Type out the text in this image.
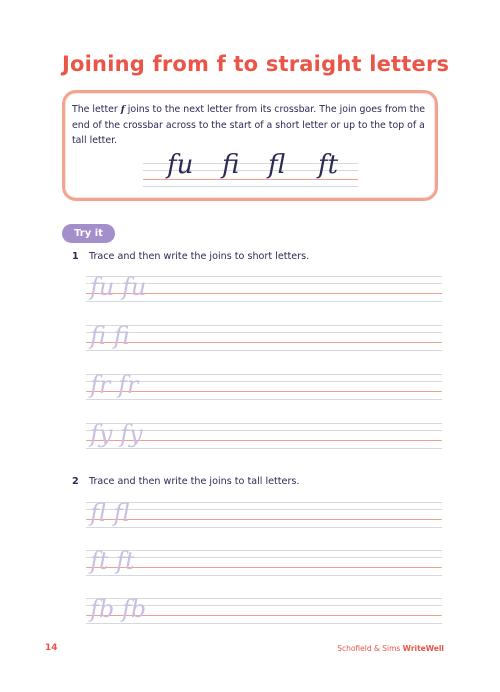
Joining from f to straight letters
The letter f joins to the next letter from its crossbar. The join goes from the end of the crossbar across to the start of a short letter or up to the top of a tall letter.
fu fi fl ft
Try it
1 Trace and then write the joins to short letters.
fu fu
fi fi
fr fr
fy fy
2 Trace and then write the joins to tall letters.
fl fl
ft ft
fb fb
14	Schofield & Sims WriteWell
